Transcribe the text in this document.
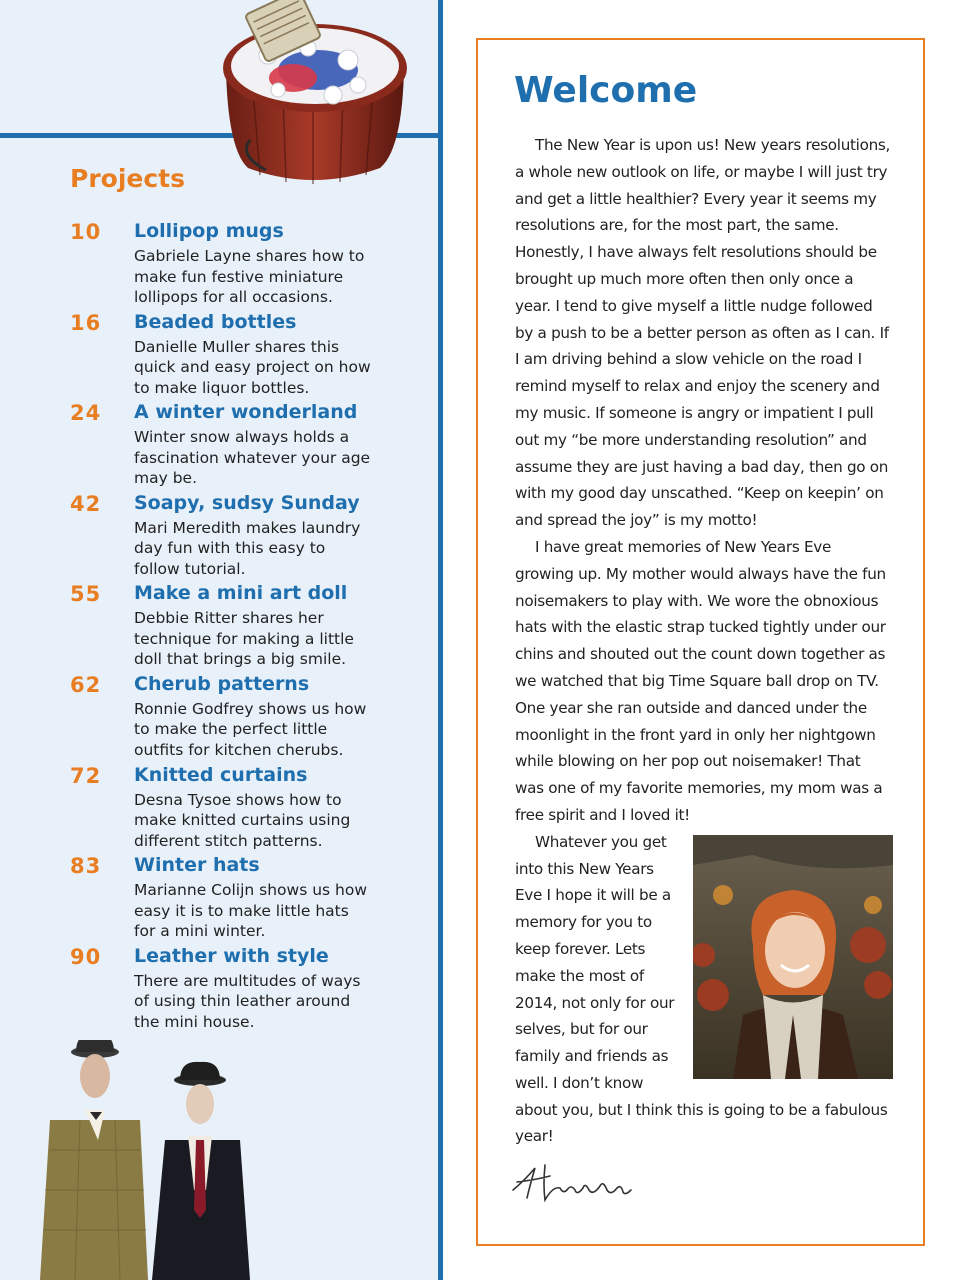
Projects
10	Lollipop mugs
Gabriele Layne shares how to make fun festive miniature lollipops for all occasions.
16	Beaded bottles
Danielle Muller shares this quick and easy project on how to make liquor bottles.
24	A winter wonderland
Winter snow always holds a fascination whatever your age may be.
42	Soapy, sudsy Sunday
Mari Meredith makes laundry day fun with this easy to follow tutorial.
55	Make a mini art doll
Debbie Ritter shares her technique for making a little doll that brings a big smile.
62	Cherub patterns
Ronnie Godfrey shows us how to make the perfect little outfits for kitchen cherubs.
72	Knitted curtains
Desna Tysoe shows how to make knitted curtains using different stitch patterns.
83	Winter hats
Marianne Colijn shows us how easy it is to make little hats for a mini winter.
90	Leather with style
There are multitudes of ways of using thin leather around the mini house.
Welcome

The New Year is upon us! New years resolutions, a whole new outlook on life, or maybe I will just try and get a little healthier? Every year it seems my resolutions are, for the most part, the same. Honestly, I have always felt resolutions should be brought up much more often then only once a year. I tend to give myself a little nudge followed by a push to be a better person as often as I can. If I am driving behind a slow vehicle on the road I remind myself to relax and enjoy the scenery and my music. If someone is angry or impatient I pull out my “be more understanding resolution” and assume they are just having a bad day, then go on with my good day unscathed. “Keep on keepin’ on and spread the joy” is my motto!

I have great memories of New Years Eve growing up. My mother would always have the fun noisemakers to play with. We wore the obnoxious hats with the elastic strap tucked tightly under our chins and shouted out the count down together as we watched that big Time Square ball drop on TV. One year she ran outside and danced under the moonlight in the front yard in only her nightgown while blowing on her pop out noisemaker! That was one of my favorite memories, my mom was a free spirit and I loved it!

Whatever you get into this New Years Eve I hope it will be a memory for you to keep forever. Lets make the most of 2014, not only for our selves, but for our family and friends as well. I don’t know about you, but I think this is going to be a fabulous year!
